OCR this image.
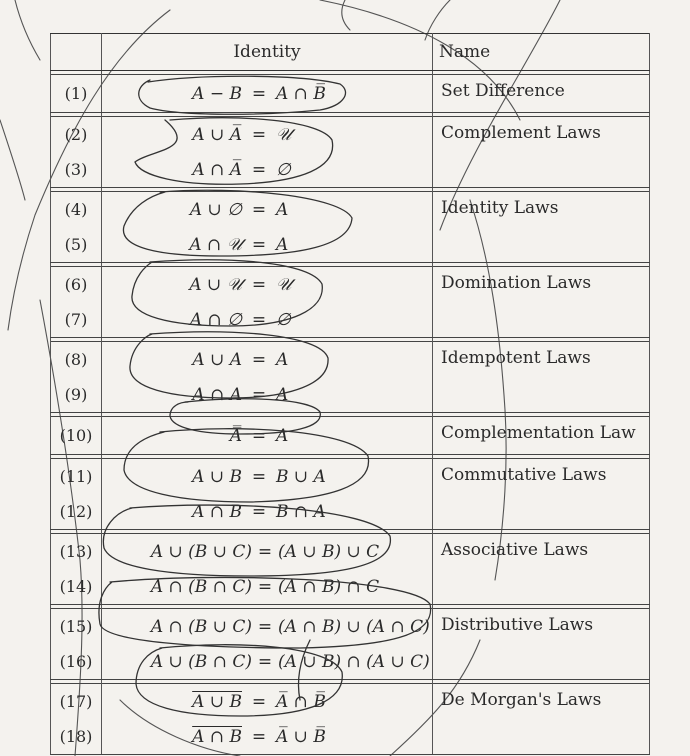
	Identity	Name

(1)	A − B = A ∩ B̅	Set Difference

(2)	A ∪ A̅ = 𝒰	Complement Laws
(3)	A ∩ A̅ = ∅	

(4)	A ∪ ∅ = A	Identity Laws
(5)	A ∩ 𝒰 = A	

(6)	A ∪ 𝒰 = 𝒰	Domination Laws
(7)	A ∩ ∅ = ∅	

(8)	A ∪ A = A	Idempotent Laws
(9)	A ∩ A = A	

(10)	A̿ = A	Complementation Law

(11)	A ∪ B = B ∪ A	Commutative Laws
(12)	A ∩ B = B ∩ A	

(13)	A ∪ (B ∪ C) = (A ∪ B) ∪ C	Associative Laws
(14)	A ∩ (B ∩ C) = (A ∩ B) ∩ C	

(15)	A ∩ (B ∪ C) = (A ∩ B) ∪ (A ∩ C)	Distributive Laws
(16)	A ∪ (B ∩ C) = (A ∪ B) ∩ (A ∪ C)	

(17)	A ∪ B = A̅ ∩ B̅	De Morgan's Laws
(18)	A ∩ B = A̅ ∪ B̅	
